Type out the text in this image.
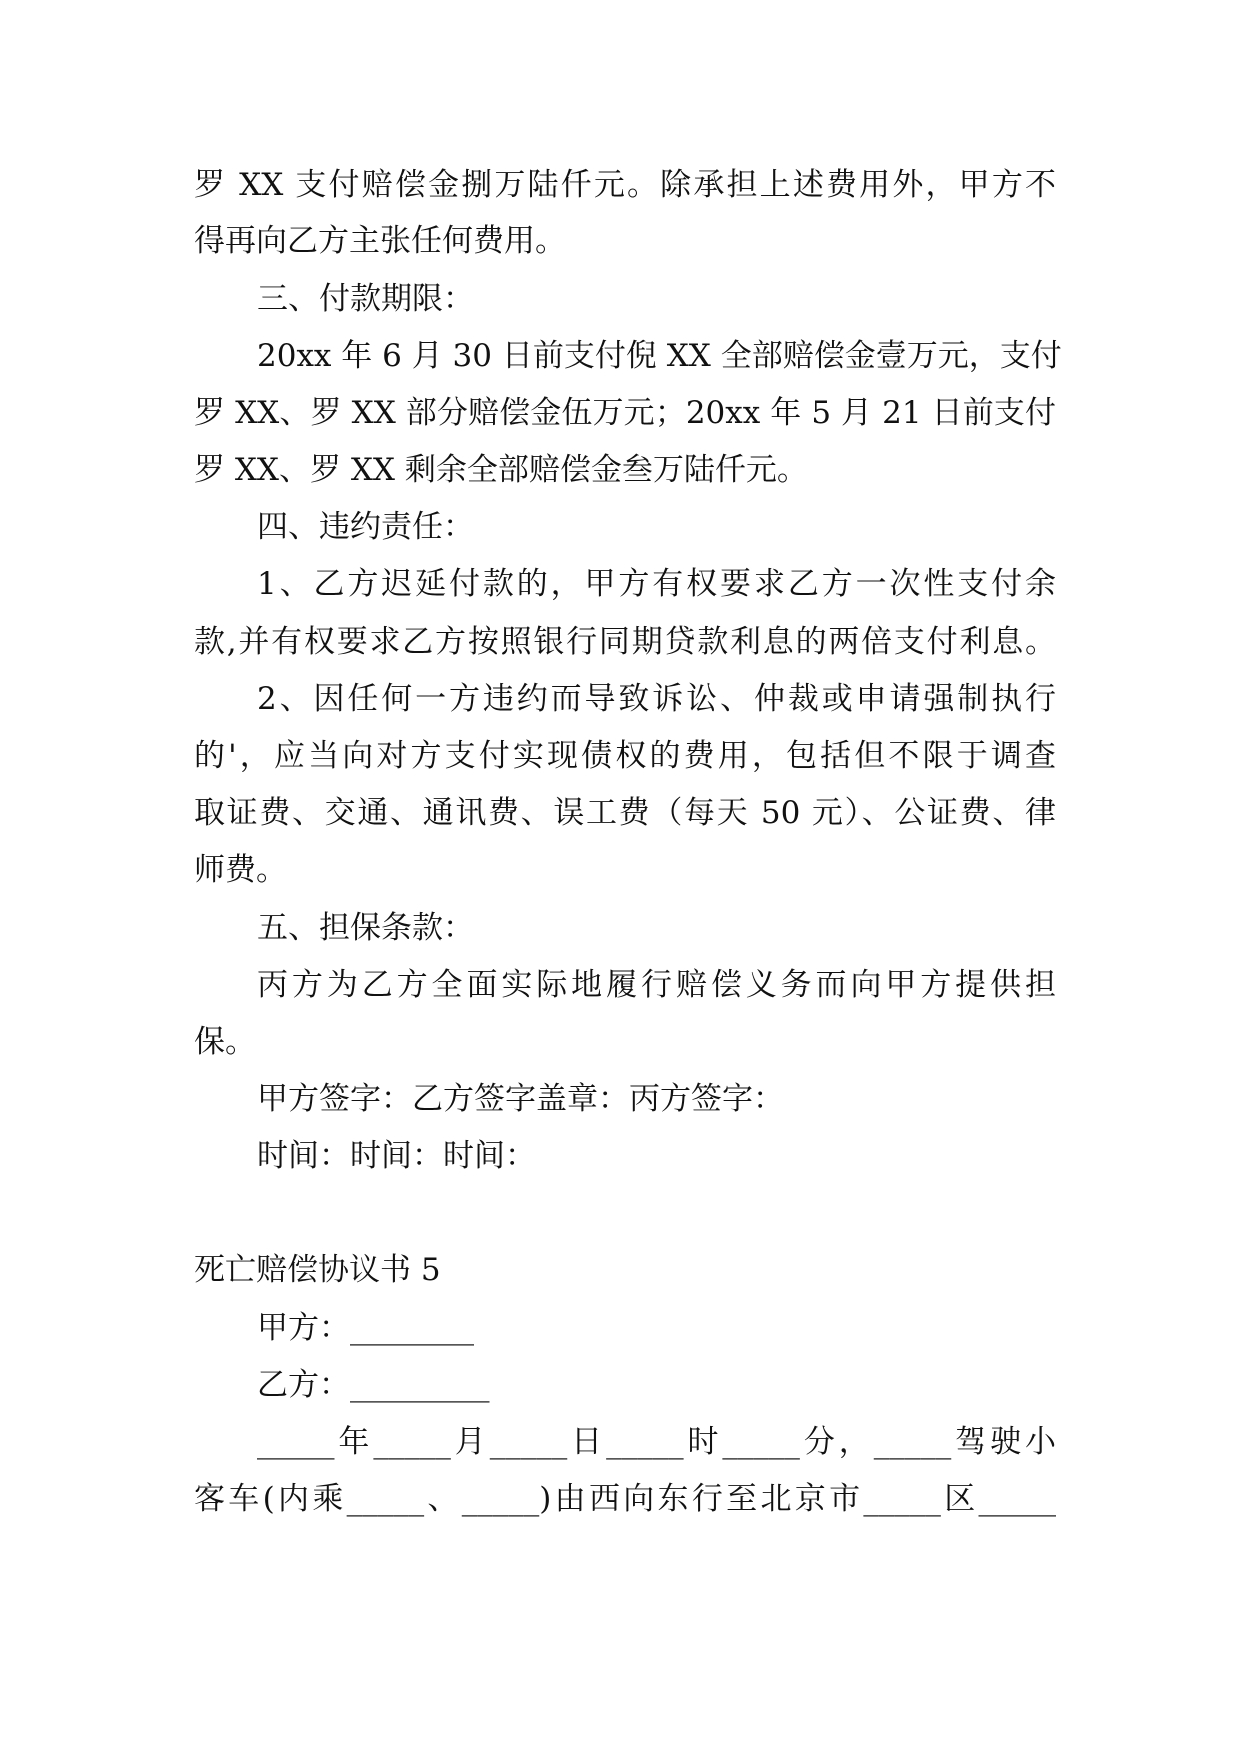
罗 XX 支付赔偿金捌万陆仟元。除承担上述费用外，甲方不
得再向乙方主张任何费用。
三、付款期限：
20xx 年 6 月 30 日前支付倪 XX 全部赔偿金壹万元，支付
罗 XX、罗 XX 部分赔偿金伍万元；20xx 年 5 月 21 日前支付
罗 XX、罗 XX 剩余全部赔偿金叁万陆仟元。
四、违约责任：
1、乙方迟延付款的，甲方有权要求乙方一次性支付余
款,并有权要求乙方按照银行同期贷款利息的两倍支付利息。
2、因任何一方违约而导致诉讼、仲裁或申请强制执行
的'，应当向对方支付实现债权的费用，包括但不限于调查
取证费、交通、通讯费、误工费（每天 50 元）、公证费、律
师费。
五、担保条款：
丙方为乙方全面实际地履行赔偿义务而向甲方提供担
保。
甲方签字：乙方签字盖章：丙方签字：
时间：时间：时间：
死亡赔偿协议书 5
甲方：________
乙方：_________
_____年_____月_____日_____时_____分，_____驾驶小
客车(内乘_____、_____)由西向东行至北京市_____区_____
